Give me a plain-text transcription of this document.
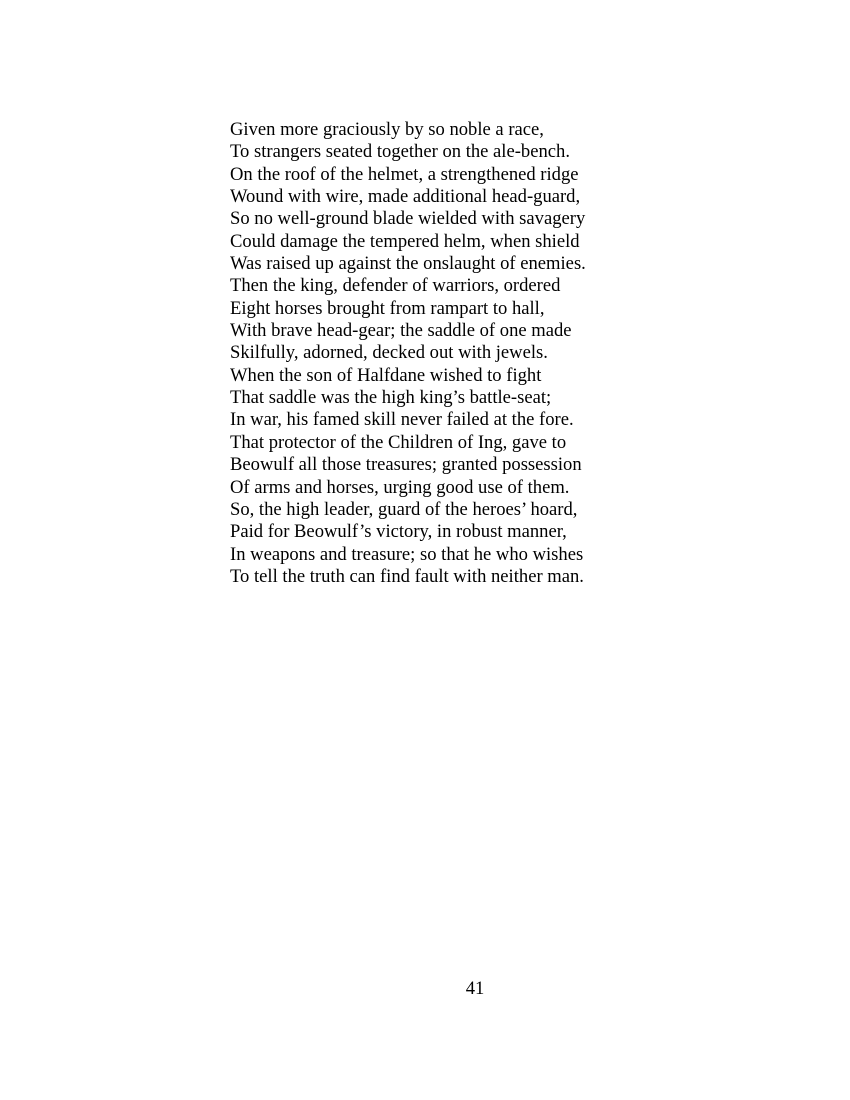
Given more graciously by so noble a race,
To strangers seated together on the ale-bench.
On the roof of the helmet, a strengthened ridge
Wound with wire, made additional head-guard,
So no well-ground blade wielded with savagery
Could damage the tempered helm, when shield
Was raised up against the onslaught of enemies.
Then the king, defender of warriors, ordered
Eight horses brought from rampart to hall,
With brave head-gear; the saddle of one made
Skilfully, adorned, decked out with jewels.
When the son of Halfdane wished to fight
That saddle was the high king’s battle-seat;
In war, his famed skill never failed at the fore.
That protector of the Children of Ing, gave to
Beowulf all those treasures; granted possession
Of arms and horses, urging good use of them.
So, the high leader, guard of the heroes’ hoard,
Paid for Beowulf’s victory, in robust manner,
In weapons and treasure; so that he who wishes
To tell the truth can find fault with neither man.
41
